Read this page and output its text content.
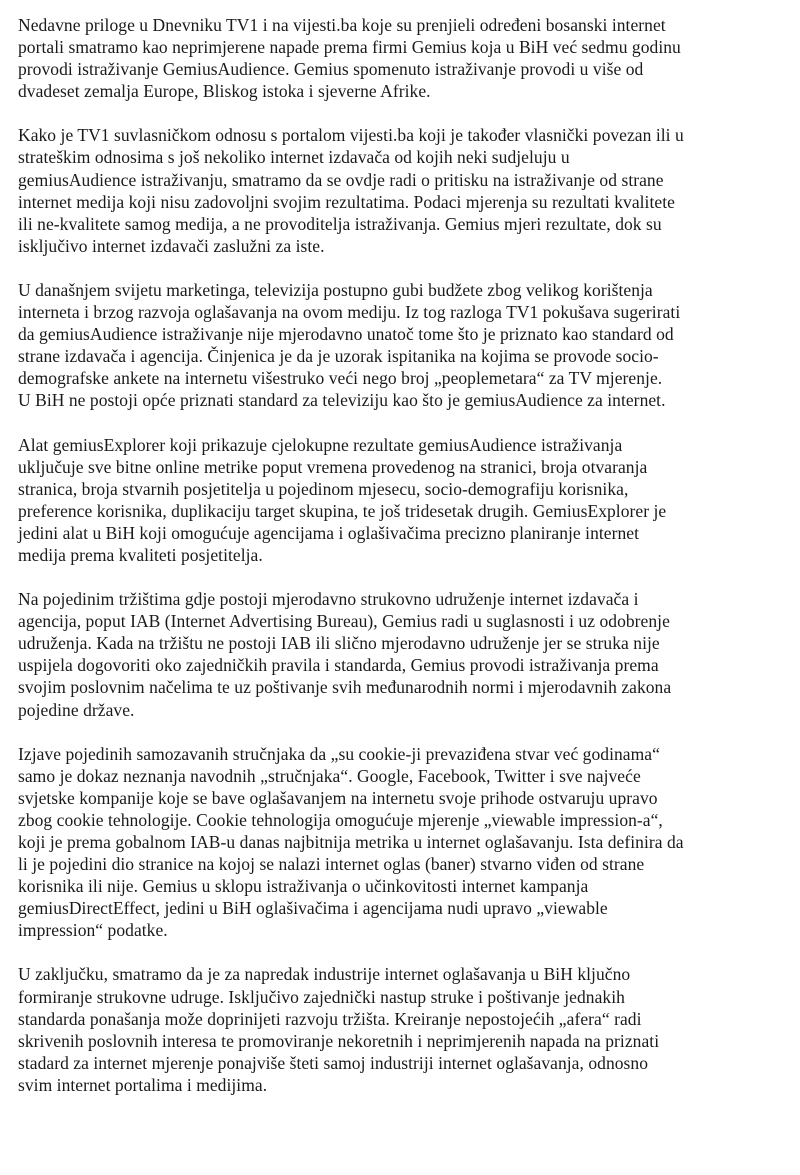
Nedavne priloge u Dnevniku TV1 i na vijesti.ba koje su prenjieli određeni bosanski internet
portali smatramo kao neprimjerene napade prema firmi Gemius koja u BiH već sedmu godinu
provodi istraživanje GemiusAudience. Gemius spomenuto istraživanje provodi u više od
dvadeset zemalja Europe, Bliskog istoka i sjeverne Afrike.
Kako je TV1 suvlasničkom odnosu s portalom vijesti.ba koji je također vlasnički povezan ili u
strateškim odnosima s još nekoliko internet izdavača od kojih neki sudjeluju u
gemiusAudience istraživanju, smatramo da se ovdje radi o pritisku na istraživanje od strane
internet medija koji nisu zadovoljni svojim rezultatima. Podaci mjerenja su rezultati kvalitete
ili ne-kvalitete samog medija, a ne provoditelja istraživanja. Gemius mjeri rezultate, dok su
isključivo internet izdavači zaslužni za iste.
U današnjem svijetu marketinga, televizija postupno gubi budžete zbog velikog korištenja
interneta i brzog razvoja oglašavanja na ovom mediju. Iz tog razloga TV1 pokušava sugerirati
da gemiusAudience istraživanje nije mjerodavno unatoč tome što je priznato kao standard od
strane izdavača i agencija. Činjenica je da je uzorak ispitanika na kojima se provode socio-
demografske ankete na internetu višestruko veći nego broj „peoplemetara“ za TV mjerenje.
U BiH ne postoji opće priznati standard za televiziju kao što je gemiusAudience za internet.
Alat gemiusExplorer koji prikazuje cjelokupne rezultate gemiusAudience istraživanja
uključuje sve bitne online metrike poput vremena provedenog na stranici, broja otvaranja
stranica, broja stvarnih posjetitelja u pojedinom mjesecu, socio-demografiju korisnika,
preference korisnika, duplikaciju target skupina, te još tridesetak drugih. GemiusExplorer je
jedini alat u BiH koji omogućuje agencijama i oglašivačima precizno planiranje internet
medija prema kvaliteti posjetitelja.
Na pojedinim tržištima gdje postoji mjerodavno strukovno udruženje internet izdavača i
agencija, poput IAB (Internet Advertising Bureau), Gemius radi u suglasnosti i uz odobrenje
udruženja. Kada na tržištu ne postoji IAB ili slično mjerodavno udruženje jer se struka nije
uspijela dogovoriti oko zajedničkih pravila i standarda, Gemius provodi istraživanja prema
svojim poslovnim načelima te uz poštivanje svih međunarodnih normi i mjerodavnih zakona
pojedine države.
Izjave pojedinih samozavanih stručnjaka da „su cookie-ji prevaziđena stvar već godinama“
samo je dokaz neznanja navodnih „stručnjaka“. Google, Facebook, Twitter i sve najveće
svjetske kompanije koje se bave oglašavanjem na internetu svoje prihode ostvaruju upravo
zbog cookie tehnologije. Cookie tehnologija omogućuje mjerenje „viewable impression-a“,
koji je prema gobalnom IAB-u danas najbitnija metrika u internet oglašavanju. Ista definira da
li je pojedini dio stranice na kojoj se nalazi internet oglas (baner) stvarno viđen od strane
korisnika ili nije. Gemius u sklopu istraživanja o učinkovitosti internet kampanja
gemiusDirectEffect, jedini u BiH oglašivačima i agencijama nudi upravo „viewable
impression“ podatke.
U zaključku, smatramo da je za napredak industrije internet oglašavanja u BiH ključno
formiranje strukovne udruge. Isključivo zajednički nastup struke i poštivanje jednakih
standarda ponašanja može doprinijeti razvoju tržišta. Kreiranje nepostojećih „afera“ radi
skrivenih poslovnih interesa te promoviranje nekoretnih i neprimjerenih napada na priznati
stadard za internet mjerenje ponajviše šteti samoj industriji internet oglašavanja, odnosno
svim internet portalima i medijima.
